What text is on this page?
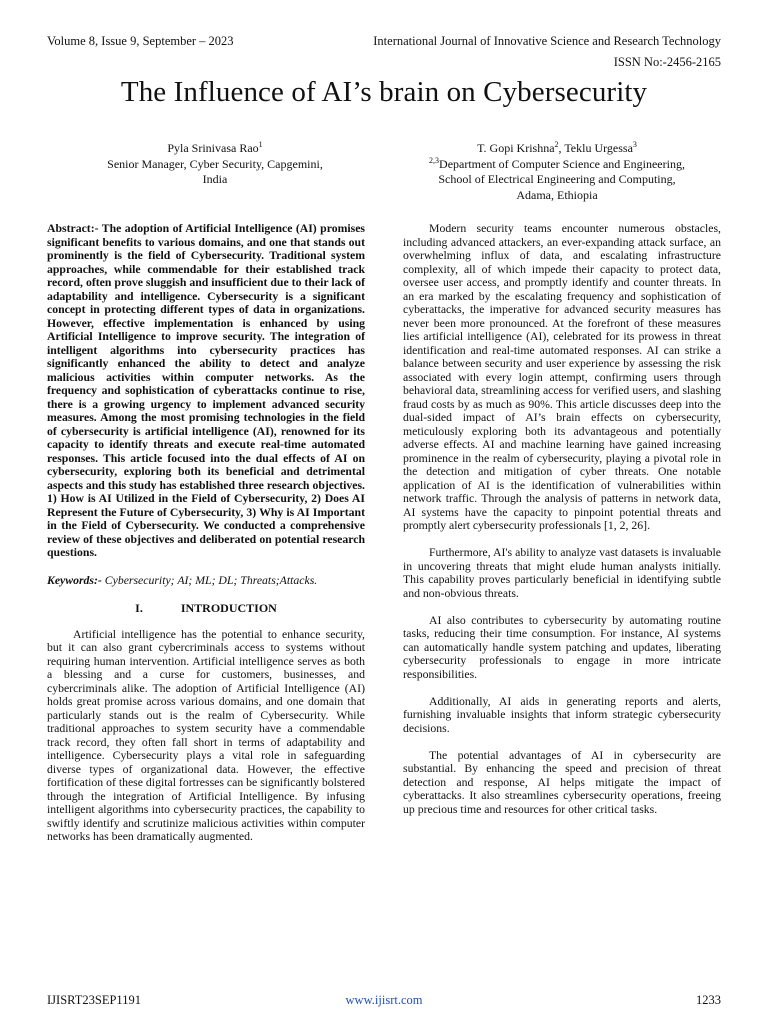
Volume 8, Issue 9, September – 2023	International Journal of Innovative Science and Research Technology
ISSN No:-2456-2165
The Influence of AI’s brain on Cybersecurity
Pyla Srinivasa Rao$^1$
Senior Manager, Cyber Security, Capgemini,
India
T. Gopi Krishna$^2$, Teklu Urgessa$^3$
$^{2,3}$Department of Computer Science and Engineering,
School of Electrical Engineering and Computing,
Adama, Ethiopia

Abstract:- The adoption of Artificial Intelligence (AI) promises significant benefits to various domains, and one that stands out prominently is the field of Cybersecurity. Traditional system approaches, while commendable for their established track record, often prove sluggish and insufficient due to their lack of adaptability and intelligence. Cybersecurity is a significant concept in protecting different types of data in organizations. However, effective implementation is enhanced by using Artificial Intelligence to improve security. The integration of intelligent algorithms into cybersecurity practices has significantly enhanced the ability to detect and analyze malicious activities within computer networks. As the frequency and sophistication of cyberattacks continue to rise, there is a growing urgency to implement advanced security measures. Among the most promising technologies in the field of cybersecurity is artificial intelligence (AI), renowned for its capacity to identify threats and execute real-time automated responses. This article focused into the dual effects of AI on cybersecurity, exploring both its beneficial and detrimental aspects and this study has established three research objectives. 1) How is AI Utilized in the Field of Cybersecurity, 2) Does AI Represent the Future of Cybersecurity, 3) Why is AI Important in the Field of Cybersecurity. We conducted a comprehensive review of these objectives and deliberated on potential research questions.

Keywords:- Cybersecurity; AI; ML; DL; Threats;Attacks.

I.	INTRODUCTION

Artificial intelligence has the potential to enhance security, but it can also grant cybercriminals access to systems without requiring human intervention. Artificial intelligence serves as both a blessing and a curse for customers, businesses, and cybercriminals alike. The adoption of Artificial Intelligence (AI) holds great promise across various domains, and one domain that particularly stands out is the realm of Cybersecurity. While traditional approaches to system security have a commendable track record, they often fall short in terms of adaptability and intelligence. Cybersecurity plays a vital role in safeguarding diverse types of organizational data. However, the effective fortification of these digital fortresses can be significantly bolstered through the integration of Artificial Intelligence. By infusing intelligent algorithms into cybersecurity practices, the capability to swiftly identify and scrutinize malicious activities within computer networks has been dramatically augmented.

Modern security teams encounter numerous obstacles, including advanced attackers, an ever-expanding attack surface, an overwhelming influx of data, and escalating infrastructure complexity, all of which impede their capacity to protect data, oversee user access, and promptly identify and counter threats. In an era marked by the escalating frequency and sophistication of cyberattacks, the imperative for advanced security measures has never been more pronounced. At the forefront of these measures lies artificial intelligence (AI), celebrated for its prowess in threat identification and real-time automated responses. AI can strike a balance between security and user experience by assessing the risk associated with every login attempt, confirming users through behavioral data, streamlining access for verified users, and slashing fraud costs by as much as 90%. This article discusses deep into the dual-sided impact of AI’s brain effects on cybersecurity, meticulously exploring both its advantageous and potentially adverse effects. AI and machine learning have gained increasing prominence in the realm of cybersecurity, playing a pivotal role in the detection and mitigation of cyber threats. One notable application of AI is the identification of vulnerabilities within network traffic. Through the analysis of patterns in network data, AI systems have the capacity to pinpoint potential threats and promptly alert cybersecurity professionals [1, 2, 26].

Furthermore, AI's ability to analyze vast datasets is invaluable in uncovering threats that might elude human analysts initially. This capability proves particularly beneficial in identifying subtle and non-obvious threats.

AI also contributes to cybersecurity by automating routine tasks, reducing their time consumption. For instance, AI systems can automatically handle system patching and updates, liberating cybersecurity professionals to engage in more intricate responsibilities.

Additionally, AI aids in generating reports and alerts, furnishing invaluable insights that inform strategic cybersecurity decisions.

The potential advantages of AI in cybersecurity are substantial. By enhancing the speed and precision of threat detection and response, AI helps mitigate the impact of cyberattacks. It also streamlines cybersecurity operations, freeing up precious time and resources for other critical tasks.

IJISRT23SEP1191	www.ijisrt.com	1233
